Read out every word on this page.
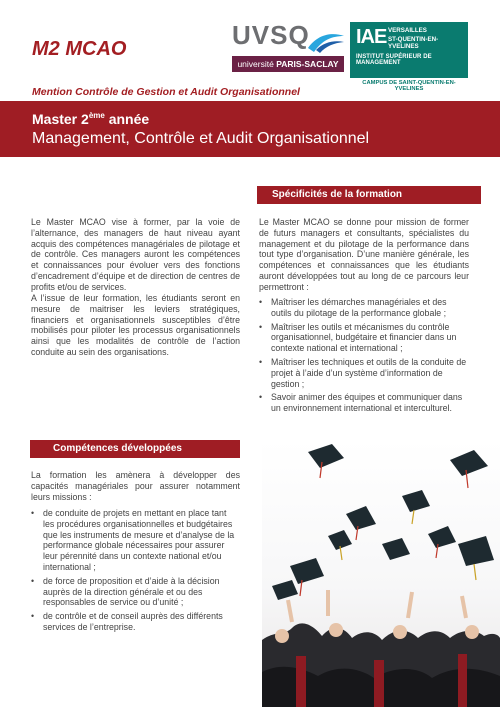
M2 MCAO
Mention Contrôle de Gestion et Audit Organisationnel
UVSQ
université PARIS-SACLAY
IAE VERSAILLES
ST-QUENTIN-EN-YVELINES
INSTITUT SUPÉRIEUR DE MANAGEMENT
CAMPUS DE SAINT-QUENTIN-EN-YVELINES
Master 2ème année
Management, Contrôle et Audit Organisationnel

Le Master MCAO vise à former, par la voie de l’alternance, des managers de haut niveau ayant acquis des compétences managériales de pilotage et de contrôle. Ces managers auront les compétences et connaissances pour évoluer vers des fonctions d’encadrement d’équipe et de direction de centres de profits et/ou de services.

A l’issue de leur formation, les étudiants seront en mesure de maitriser les leviers stratégiques, financiers et organisationnels susceptibles d’être mobilisés pour piloter les processus organisationnels ainsi que les modalités de contrôle de l’action conduite au sein des organisations.

Spécificités de la formation

Le Master MCAO se donne pour mission de former de futurs managers et consultants, spécialistes du management et du pilotage de la performance dans tout type d’organisation. D’une manière générale, les compétences et connaissances que les étudiants auront développées tout au long de ce parcours leur permettront :

• Maîtriser les démarches managériales et des outils du pilotage de la performance globale ;
• Maîtriser les outils et mécanismes du contrôle organisationnel, budgétaire et financier dans un contexte national et international ;
• Maîtriser les techniques et outils de la conduite de projet à l’aide d’un système d’information de gestion ;
• Savoir animer des équipes et communiquer dans un environnement international et interculturel.
Compétences développées

La formation les amènera à développer des capacités managériales pour assurer notamment leurs missions :

• de conduite de projets en mettant en place tant les procédures organisationnelles et budgétaires que les instruments de mesure et d’analyse de la performance globale nécessaires pour assurer leur pérennité dans un contexte national et/ou international ;
• de force de proposition et d’aide à la décision auprès de la direction générale et ou des responsables de service ou d’unité ;
• de contrôle et de conseil auprès des différents services de l’entreprise.
